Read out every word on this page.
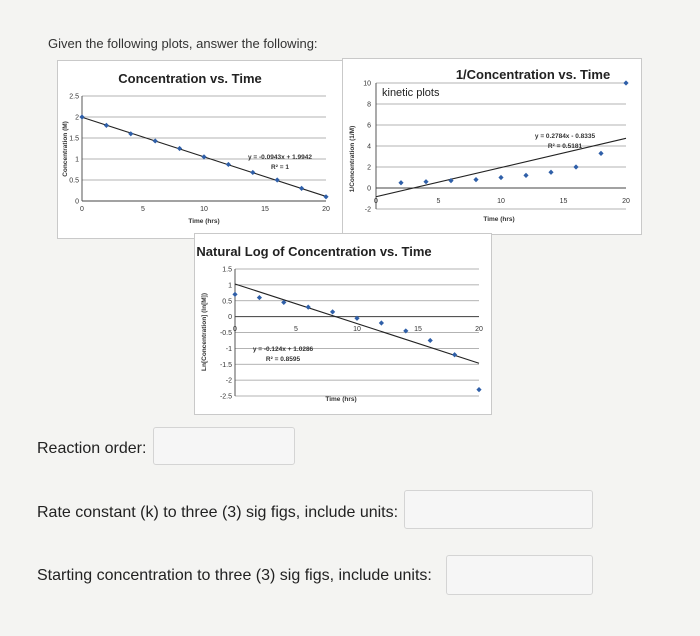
Given the following plots, answer the following:
0
0.5
1
1.5
2
2.5
0	5	10	15	20
Concentration vs. Time
Time (hrs)
Concentration (M)	y = -0.0943x + 1.9942
R² = 1
-2
0
2
4
6
8
10
0	5	10	15	20
1/Concentration vs. Time
kinetic plots
Time (hrs)
1/Concentration (1/M)	y = 0.2784x - 0.8335
R² = 0.5181
-2.5
-2
-1.5
-1
-0.5
0
0.5
1
1.5
0	5	10	15	20
Natural Log of Concentration vs. Time
Time (hrs)
Ln[Concentration] (ln[M])	y = -0.124x + 1.0286
R² = 0.8595
Reaction order:
Rate constant (k) to three (3) sig figs, include units:
Starting concentration to three (3) sig figs, include units:
